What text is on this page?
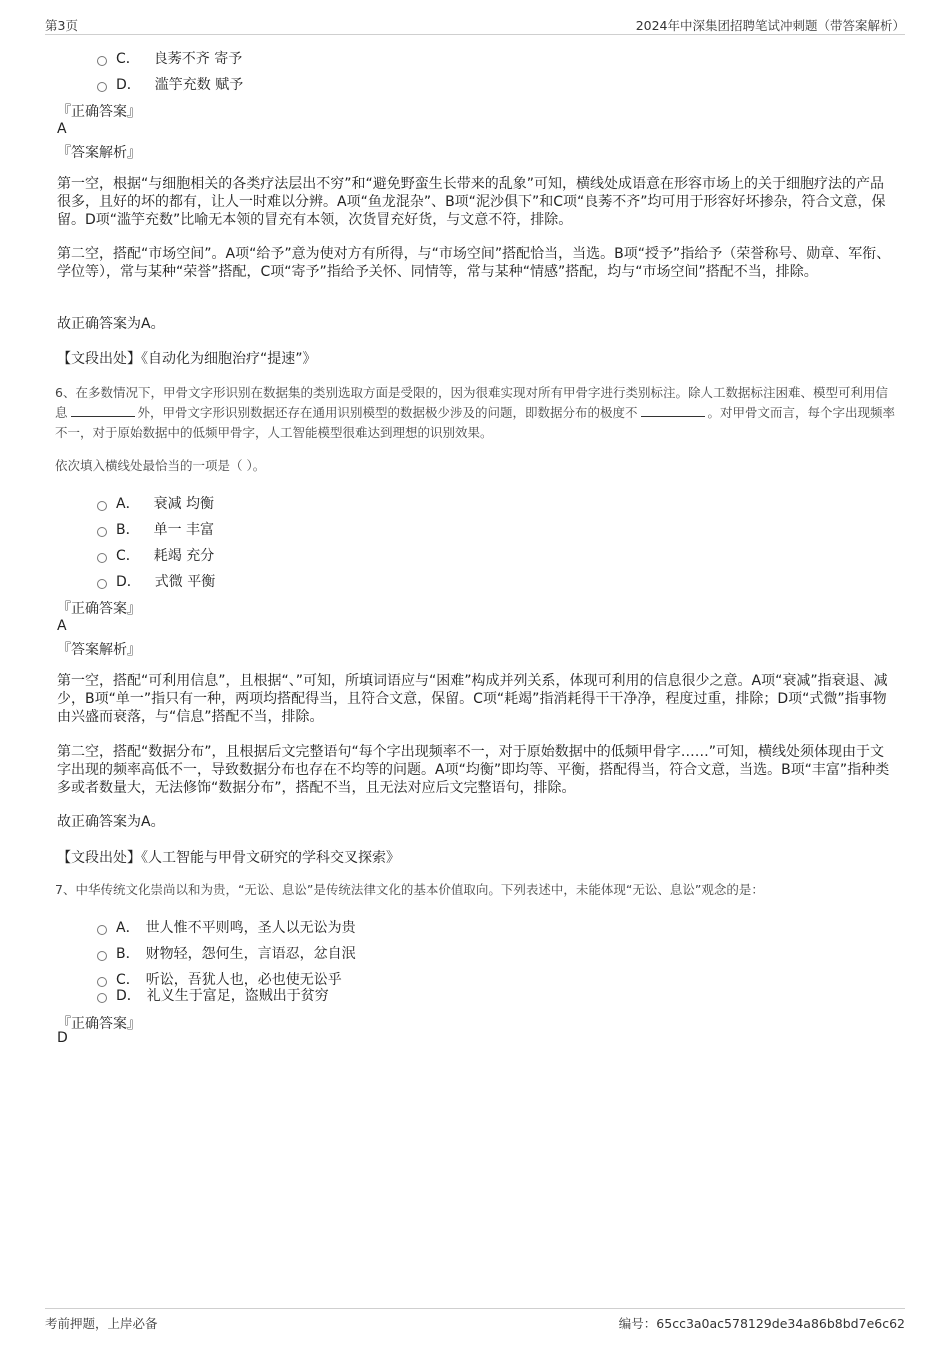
第3页	2024年中深集团招聘笔试冲刺题（带答案解析）
C． 良莠不齐 寄予
D． 滥竽充数 赋予
『正确答案』
A
『答案解析』
第一空，根据“与细胞相关的各类疗法层出不穷”和“避免野蛮生长带来的乱象”可知，横线处成语意在形容市场上的关于细胞疗法的产品很多，且好的坏的都有，让人一时难以分辨。A项“鱼龙混杂”、B项“泥沙俱下”和C项“良莠不齐”均可用于形容好坏掺杂，符合文意，保留。D项“滥竽充数”比喻无本领的冒充有本领，次货冒充好货，与文意不符，排除。
第二空，搭配“市场空间”。A项“给予”意为使对方有所得，与“市场空间”搭配恰当，当选。B项“授予”指给予（荣誉称号、勋章、军衔、学位等），常与某种“荣誉”搭配，C项“寄予”指给予关怀、同情等，常与某种“情感”搭配，均与“市场空间”搭配不当，排除。
故正确答案为A。
【文段出处】《自动化为细胞治疗“提速”》
6、在多数情况下，甲骨文字形识别在数据集的类别选取方面是受限的，因为很难实现对所有甲骨字进行类别标注。除人工数据标注困难、模型可利用信息	外，甲骨文字形识别数据还存在通用识别模型的数据极少涉及的问题，即数据分布的极度不	。对甲骨文而言，每个字出现频率不一，对于原始数据中的低频甲骨字，人工智能模型很难达到理想的识别效果。
依次填入横线处最恰当的一项是（ ）。
A． 衰减 均衡
B． 单一 丰富
C． 耗竭 充分
D． 式微 平衡
『正确答案』
A
『答案解析』
第一空，搭配“可利用信息”，且根据“、”可知，所填词语应与“困难”构成并列关系，体现可利用的信息很少之意。A项“衰减”指衰退、减少，B项“单一”指只有一种，两项均搭配得当，且符合文意，保留。C项“耗竭”指消耗得干干净净，程度过重，排除；D项“式微”指事物由兴盛而衰落，与“信息”搭配不当，排除。
第二空，搭配“数据分布”，且根据后文完整语句“每个字出现频率不一，对于原始数据中的低频甲骨字……”可知，横线处须体现由于文字出现的频率高低不一，导致数据分布也存在不均等的问题。A项“均衡”即均等、平衡，搭配得当，符合文意，当选。B项“丰富”指种类多或者数量大，无法修饰“数据分布”，搭配不当，且无法对应后文完整语句，排除。
故正确答案为A。
【文段出处】《人工智能与甲骨文研究的学科交叉探索》
7、中华传统文化崇尚以和为贵，“无讼、息讼”是传统法律文化的基本价值取向。下列表述中，未能体现“无讼、息讼”观念的是：
A． 世人惟不平则鸣，圣人以无讼为贵
B． 财物轻，怨何生，言语忍，忿自泯
C． 听讼，吾犹人也，必也使无讼乎
D． 礼义生于富足，盗贼出于贫穷
『正确答案』
D
考前押题，上岸必备	编号：65cc3a0ac578129de34a86b8bd7e6c62
